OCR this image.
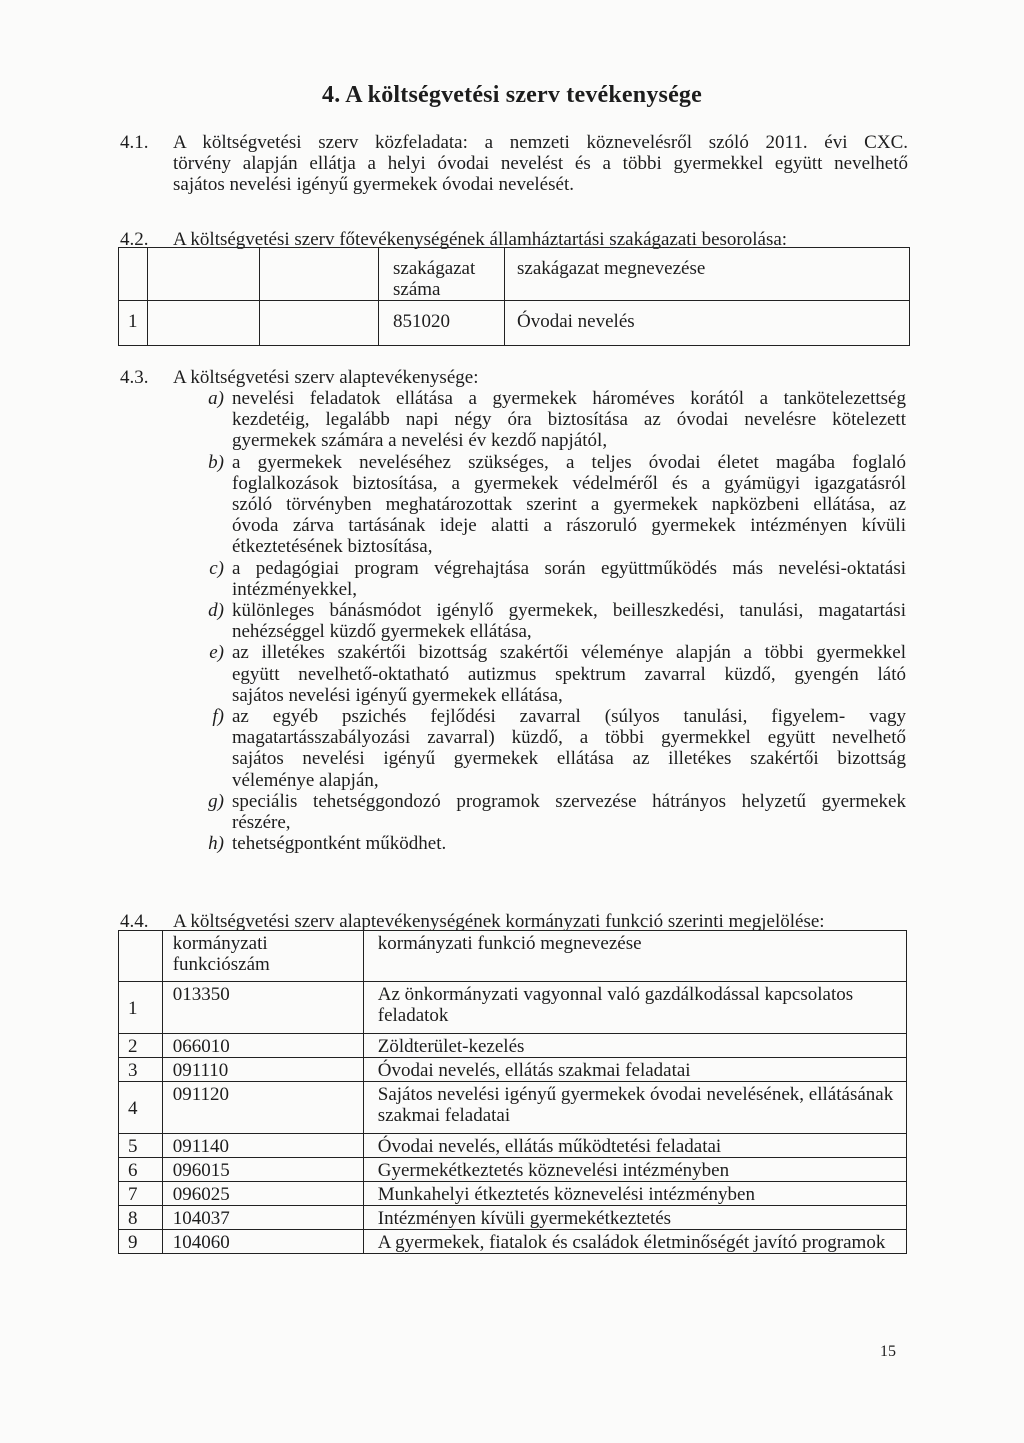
4. A költségvetési szerv tevékenysége
4.1. A költségvetési szerv közfeladata: a nemzeti köznevelésről szóló 2011. évi CXC.
törvény alapján ellátja a helyi óvodai nevelést és a többi gyermekkel együtt nevelhető
sajátos nevelési igényű gyermekek óvodai nevelését.
4.2. A költségvetési szerv főtevékenységének államháztartási szakágazati besorolása:
			szakágazat száma	szakágazat megnevezése
1			851020	Óvodai nevelés
4.3. A költségvetési szerv alaptevékenysége:
a) nevelési feladatok ellátása a gyermekek hároméves korától a tankötelezettség
kezdetéig, legalább napi négy óra biztosítása az óvodai nevelésre kötelezett
gyermekek számára a nevelési év kezdő napjától,
b) a gyermekek neveléséhez szükséges, a teljes óvodai életet magába foglaló
foglalkozások biztosítása, a gyermekek védelméről és a gyámügyi igazgatásról
szóló törvényben meghatározottak szerint a gyermekek napközbeni ellátása, az
óvoda zárva tartásának ideje alatti a rászoruló gyermekek intézményen kívüli
étkeztetésének biztosítása,
c) a pedagógiai program végrehajtása során együttműködés más nevelési-oktatási
intézményekkel,
d) különleges bánásmódot igénylő gyermekek, beilleszkedési, tanulási, magatartási
nehézséggel küzdő gyermekek ellátása,
e) az illetékes szakértői bizottság szakértői véleménye alapján a többi gyermekkel
együtt nevelhető-oktatható autizmus spektrum zavarral küzdő, gyengén látó
sajátos nevelési igényű gyermekek ellátása,
f) az egyéb pszichés fejlődési zavarral (súlyos tanulási, figyelem- vagy
magatartásszabályozási zavarral) küzdő, a többi gyermekkel együtt nevelhető
sajátos nevelési igényű gyermekek ellátása az illetékes szakértői bizottság
véleménye alapján,
g) speciális tehetséggondozó programok szervezése hátrányos helyzetű gyermekek
részére,
h) tehetségpontként működhet.
4.4. A költségvetési szerv alaptevékenységének kormányzati funkció szerinti megjelölése:
	kormányzati funkciószám	kormányzati funkció megnevezése
1	013350	Az önkormányzati vagyonnal való gazdálkodással kapcsolatos feladatok
2	066010	Zöldterület-kezelés
3	091110	Óvodai nevelés, ellátás szakmai feladatai
4	091120	Sajátos nevelési igényű gyermekek óvodai nevelésének, ellátásának szakmai feladatai
5	091140	Óvodai nevelés, ellátás működtetési feladatai
6	096015	Gyermekétkeztetés köznevelési intézményben
7	096025	Munkahelyi étkeztetés köznevelési intézményben
8	104037	Intézményen kívüli gyermekétkeztetés
9	104060	A gyermekek, fiatalok és családok életminőségét javító programok
15
